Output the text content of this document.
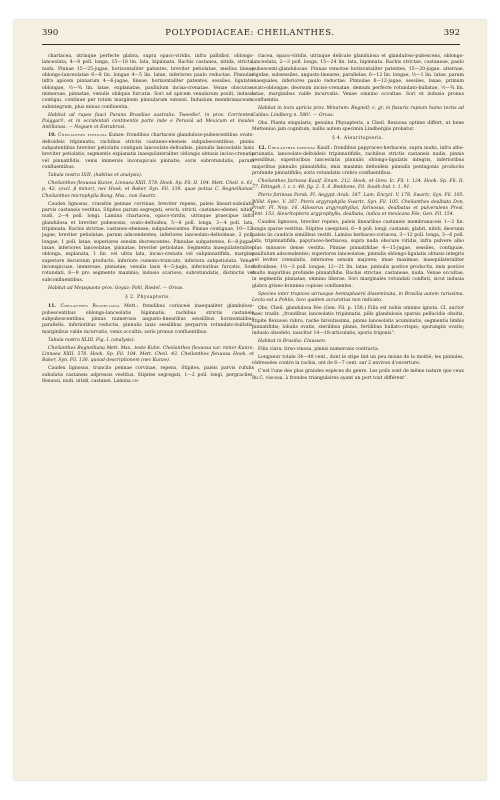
390	POLYPODIACEAE: CHEILANTHES.	392

chartacea, utrinque perfecte glabra, supra opaco-viridis, infra pallidior, oblongo-lanceolata, 4—8 poll. longa, 15—18 lin. lata, bipinnata. Rachis castanea, nitida, stricta, nuda. Pinnae 15—25-jugae, horizontaliter patentes, breviter petiolatae, medius lineae oblongo-lanceolatae 6—8 lin. longae 4—5 lin. latae, inferiores paulo reductae. Pinnulae infra apicem pinnarum 4—6-jugae, lineae, horizontaliter patentes, sessiles, ligulato-oblongae, ½—¾ lin. latae, explanatae, paullulum incisa-crenatae. Venae obscurae, immersae, pinnatae, venulis obliquis furcatis. Sori ad apicem venularum positi, indusio contigui, continue per totum marginem pinnularum extensi. Indusium membranaceum, subintegrum, plus minus confluentia.

Habitat ad rupes fauci Parana Brasiliae australis: Tweedie!, in prov. Corrientes: Puiggari!, et in occidentali continentis parte inde e Peruviâ ad Mexicum et insulas Antillanas. — Neguen et Estrabrosi.

10. Cheilanthes flexuosa Kunze: frondibus chartaceis glanduloso-pubescentibus ovato-deltoideis tripinnatis, rachibus strictis castaneo-ebeneis subpubescentibus, pinnis subpatentibus breviter petiolatis contiguis lanceolato-deltoideis, pinnulis lanceolatis laxis breviter petiolatis, segmentis explanatis inaequilateraliter oblongis obtusis inciso-crenatis vel pinnatifidis, venis immersis inconspicuis pinnatis; soris subrotundatis, parum confluentibus.

Tabula nostra LVII. (habitus et analysis).

Cheilanthes flexuosa Kunze, Linnaea XXII. 578. Hook. Sp. Fil. II. 104. Mett. Cheil. n. 61. p. 42. (excl. β minor), nec Hook. et Baker, Syn. Fil. 138. quae potius C. Regnellianae. Cheilanthes microphylla Bong. Mss., non Swartz.

Caudex lignosus, crassitie pennae corvinae, breviter repens, paleis lineari-subulatis parvis castaneis vestitus. Stipites parum segregati, erecti, stricti, castaneo-ebenei, nitidi, nudi, 2—4 poll. longi. Lamina chartacea, opaco-viridis, utrinque praecipue infra glandulosa et breviter pubescens, ovato-deltoidea, 5—8 poll. longa, 3—4 poll. lata, tripinnata. Rachis strictae, castaneo-ebeneae, subpubescentes. Pinnae contiguae, 10—12-jugae, breviter petiolatae, parum adscendentes, inferiores lanceolato-deltoideae, 2 poll. longae, 1 poll. latae, superiores sensim decrescentes. Pinnulae subpatentes, 6—8-jugae, laxae, inferiores lanceolatae, pinnatae, breviter petiolatae. Segmenta inaequilateraliter oblonga, explanata, 1 lin. vel ultra lata, inciso-crenata vel subpinnatifida, margine superiore decursum producto, inferiore cuneato-truncato, inferiora subpetiolata. Venae inconspicuae, immersae, pinnatae; venulis laxis 4—5-jugis, inferioribus furcatis. Sori rotundati, 6—8 pro segmento maximis; indusio scarioso, subrotundatis, distinctis vel subconfluentibus.

Habitat ad Mepapaoto prov. Goyaz: Pohl, Riedel. — Orvas.

§ 2. Physapteris.

11. Cheilanthes Regnelliana Mett.: frondibus coriaceis inaequaliter glanduloso-pubescentibus oblongo-lanceolatis bipinnatis, rachibus strictis castaneis subpubescentibus, pinnis numerosis angusto-linearibus sessilibus horizontalibus parallelis, inferioribus reductis, pinnulis laxis sessilibus perparvis rotundato-bullatis, marginibus valde incurvatis, venis occultis; soris pronus confluentibus.

Tabula nostra XLIII. Fig. I. (analysis).

Cheilanthes Regnelliana Mett. Mss., teste Kuhn. Cheilanthes flexuosa var. minor Kunze, Linnaea XXII. 578. Hook. Sp. Fil. 104. Mett. Cheil. 43. Cheilanthes flexuosa Hook. et Baker, Syn. Fil. 138. quoad descriptionem (nec Kunze).

Caudex lignosus, truncilo pennae corvinae, repens, Stipites, paleis parvis rufulis subulatis castaneis adpressis vestitus. Stipites segregati, 1—2 poll. longi, pergraciles, flexuosi, nudi, nitidi, castanei. Lamina co-

riacea, opaco-viridis, utrinque delicate glandulosa et glanduloso-pubescens, oblongo-lanceolata, 2—3 poll. longa, 15—24 lin. lata, bipinnata. Rachis strictae, castaneae, paulo pubescenti-glandulosae. Pinnae remotae horizontaliter patentes, 15—20-jugae, alternae, rigidae, subsessiles, angusto-lineares, parallelae, 6—12 lin. longae, ½—1 lin. latae, parum inaequales, inferiores paulo reductae. Pinnulae 8—12-jugae, sessiles, laxae, primum ovato-oblongae, deorsum inciso-crenatae, demum perfecte rotundato-bullatae, ½—¾ lin. latae, marginibus valde incurvatis. Venae omnino occultae. Sori et indusia pronus confluentia.

Habitat in locis apricis prov. Minarum: Regnell; c. gr. in fissuris rupium humo tectis ad Caldas: Lindberg n. 586!. — Orvas.

Obs. Planta singularis, genuina Physapteris, a Cheil. flexuosa optime differt, ut bene Metteniuo jam cognitum, nullis autem specimin Lindbergiis probatur.

§ 4. Aleuritopteris.

12. Cheilanthes farinosa Kaulf.: frondibus papyraceo-herbaceis, supra nudis, infra albo-pruinatis, lanceolato-deltoideis tripinnatifidis, rachibus strictis castaneis nudis, pinnis sessilibus, superioribus lanceolatis pinnulis oblongo-ligulatis integris, inferioribus majoribus pinnulis pinnatifidis, imis maximis deltoideis pinnulis pentagonis productis profunde pinnatifidis; soris rotundatis crebro confluentibus.

Cheilanthes farinosa Kaulf. Enum. 212. Hook. et Grev. Ic. Fil. t. 124. Hook. Sp. Fil. II. 77. Ettingsh. l. c. t. 48. fig. 2. 5. 6. Beddome, Fil. South-Ind. t. 1. 91.

Pteris farinosa Forsk. Fl. Aegypt.-Arab. 187. Lam. Encycl. V. 178. Swartz, Syn. Fil. 105. Willd. Spec. V. 387. Pteris argyrophylla Swartz, Syn. Fil. 105. Cheilanthes dealbata Don, Prodr. Fl. Nep. 16. Allosorus argyrophyllus, farinosus, dealbatus et pulverulens Presl, Tent. 153. Aleuritopteris argyrophylla, dealbata, indica et mexicana Fée, Gen. Fil. 154.

Caudex lignosus, breviter repens, paleis linearibus castaneis membranaceis 1—2 lin. longis sparse vestitus. Stipites caespitosi, 6—8 poll. longi, castanei, glabri, nitidi, deorsum paleis iis caudicis similibus vestiti. Lamina herbaceo-coriacea, 3—12 poll. longa, 3—6 poll. lata, tripinnatifida, papyraceo-herbacea, supra nuda obscure viridis, infra pulvere albo plus minusve dense vestita. Pinnae pinnatifidae 4—15-jugae, sessiles, contiguae, paullulum adscendentes; superiores lanceolatae, pinnulis oblongo-ligulatis obtusis integris vel leviter crenulatis, inferiores sensim majores; imae maximae, inaequilateraliter deltoideae, 1½—3 poll. longae, 12—21 lin. latae, pinnulis postice productis, imis postice multo majoribus profunde pinnatifidis. Rachis strictae, castaneae, nuda. Venae occultae, in segmentis pinnatae, omnino liberae. Sori marginales rotundati confluti, sicut indusia glabra griseo-brunnea copiose confluentes.

Species inter tropicos utriusque hemisphaerii disseminata, in Brasilia autem rarissima. Lecta est a Pohlio, loco quidem accuratius non indicato.

Obs. Cheil. glandulosa Fée (Gen. Fil. p. 158.) Filix est nobis omnino ignota. Cl. auctor haec tradit: „frondibus lanceolatis tripinnatis, pilis glandulosis sparsis pellucidis obsitis, stipite flexuoso rubro, rache hirsutissima, pinnis lanceolatis acuminatis, segmentis limbis pinnatifidis; lobulis ovatis, sterilibus planis, fertilibus bullato-crispis; sporangiis ovatis; indusio obsoleto, nascitur 14—18-articulatis, sporis trigonis“.

Habitat in Brasilia: Claussen.

Filix clara, tirso-vinosa, pinnis numerosis contracta.

Longueur totale 34—40 cent., dont le stipe fait un peu moins de la moitié; les pinnules, rédressées contre la rachis, ont de 6—7 cent. sur 2 environ d'ouverture.

C'est l'une des plus grandes espèces du genre. Les poils sont de même nature que ceux du C. viscosa, à frondes triangulaires ayant un port tout différent“.
